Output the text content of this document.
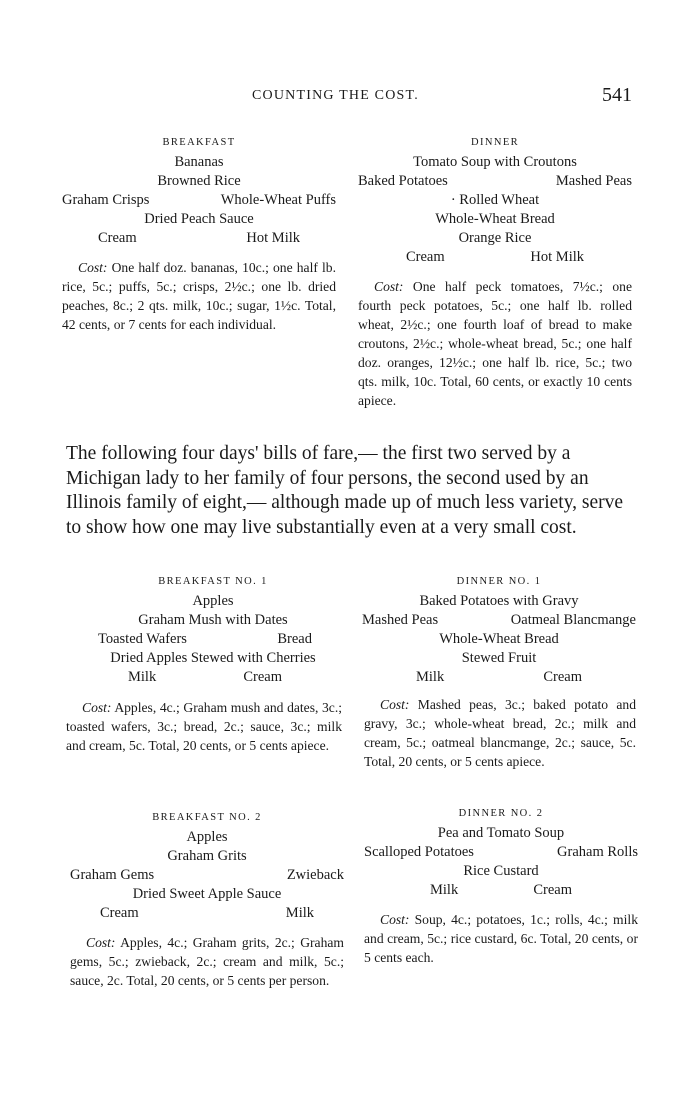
COUNTING THE COST.	541
BREAKFAST
Bananas
Browned Rice
Graham Crisps	Whole-Wheat Puffs
Dried Peach Sauce
Cream	Hot Milk
Cost: One half doz. bananas, 10c.; one half lb. rice, 5c.; puffs, 5c.; crisps, 2½c.; one lb. dried peaches, 8c.; 2 qts. milk, 10c.; sugar, 1½c. Total, 42 cents, or 7 cents for each individual.
DINNER
Tomato Soup with Croutons
Baked Potatoes	Mashed Peas
· Rolled Wheat
Whole-Wheat Bread
Orange Rice
Cream	Hot Milk
Cost: One half peck tomatoes, 7½c.; one fourth peck potatoes, 5c.; one half lb. rolled wheat, 2½c.; one fourth loaf of bread to make croutons, 2½c.; whole-wheat bread, 5c.; one half doz. oranges, 12½c.; one half lb. rice, 5c.; two qts. milk, 10c. Total, 60 cents, or exactly 10 cents apiece.
The following four days' bills of fare,— the first two served by a Michigan lady to her family of four persons, the second used by an Illinois family of eight,— although made up of much less variety, serve to show how one may live substantially even at a very small cost.
BREAKFAST NO. 1
Apples
Graham Mush with Dates
Toasted Wafers	Bread
Dried Apples Stewed with Cherries
Milk	Cream
Cost: Apples, 4c.; Graham mush and dates, 3c.; toasted wafers, 3c.; bread, 2c.; sauce, 3c.; milk and cream, 5c. Total, 20 cents, or 5 cents apiece.
DINNER NO. 1
Baked Potatoes with Gravy
Mashed Peas	Oatmeal Blancmange
Whole-Wheat Bread
Stewed Fruit
Milk	Cream
Cost: Mashed peas, 3c.; baked potato and gravy, 3c.; whole-wheat bread, 2c.; milk and cream, 5c.; oatmeal blancmange, 2c.; sauce, 5c. Total, 20 cents, or 5 cents apiece.
BREAKFAST NO. 2
Apples
Graham Grits
Graham Gems	Zwieback
Dried Sweet Apple Sauce
Cream	Milk
Cost: Apples, 4c.; Graham grits, 2c.; Graham gems, 5c.; zwieback, 2c.; cream and milk, 5c.; sauce, 2c. Total, 20 cents, or 5 cents per person.
DINNER NO. 2
Pea and Tomato Soup
Scalloped Potatoes	Graham Rolls
Rice Custard
Milk	Cream
Cost: Soup, 4c.; potatoes, 1c.; rolls, 4c.; milk and cream, 5c.; rice custard, 6c. Total, 20 cents, or 5 cents each.
